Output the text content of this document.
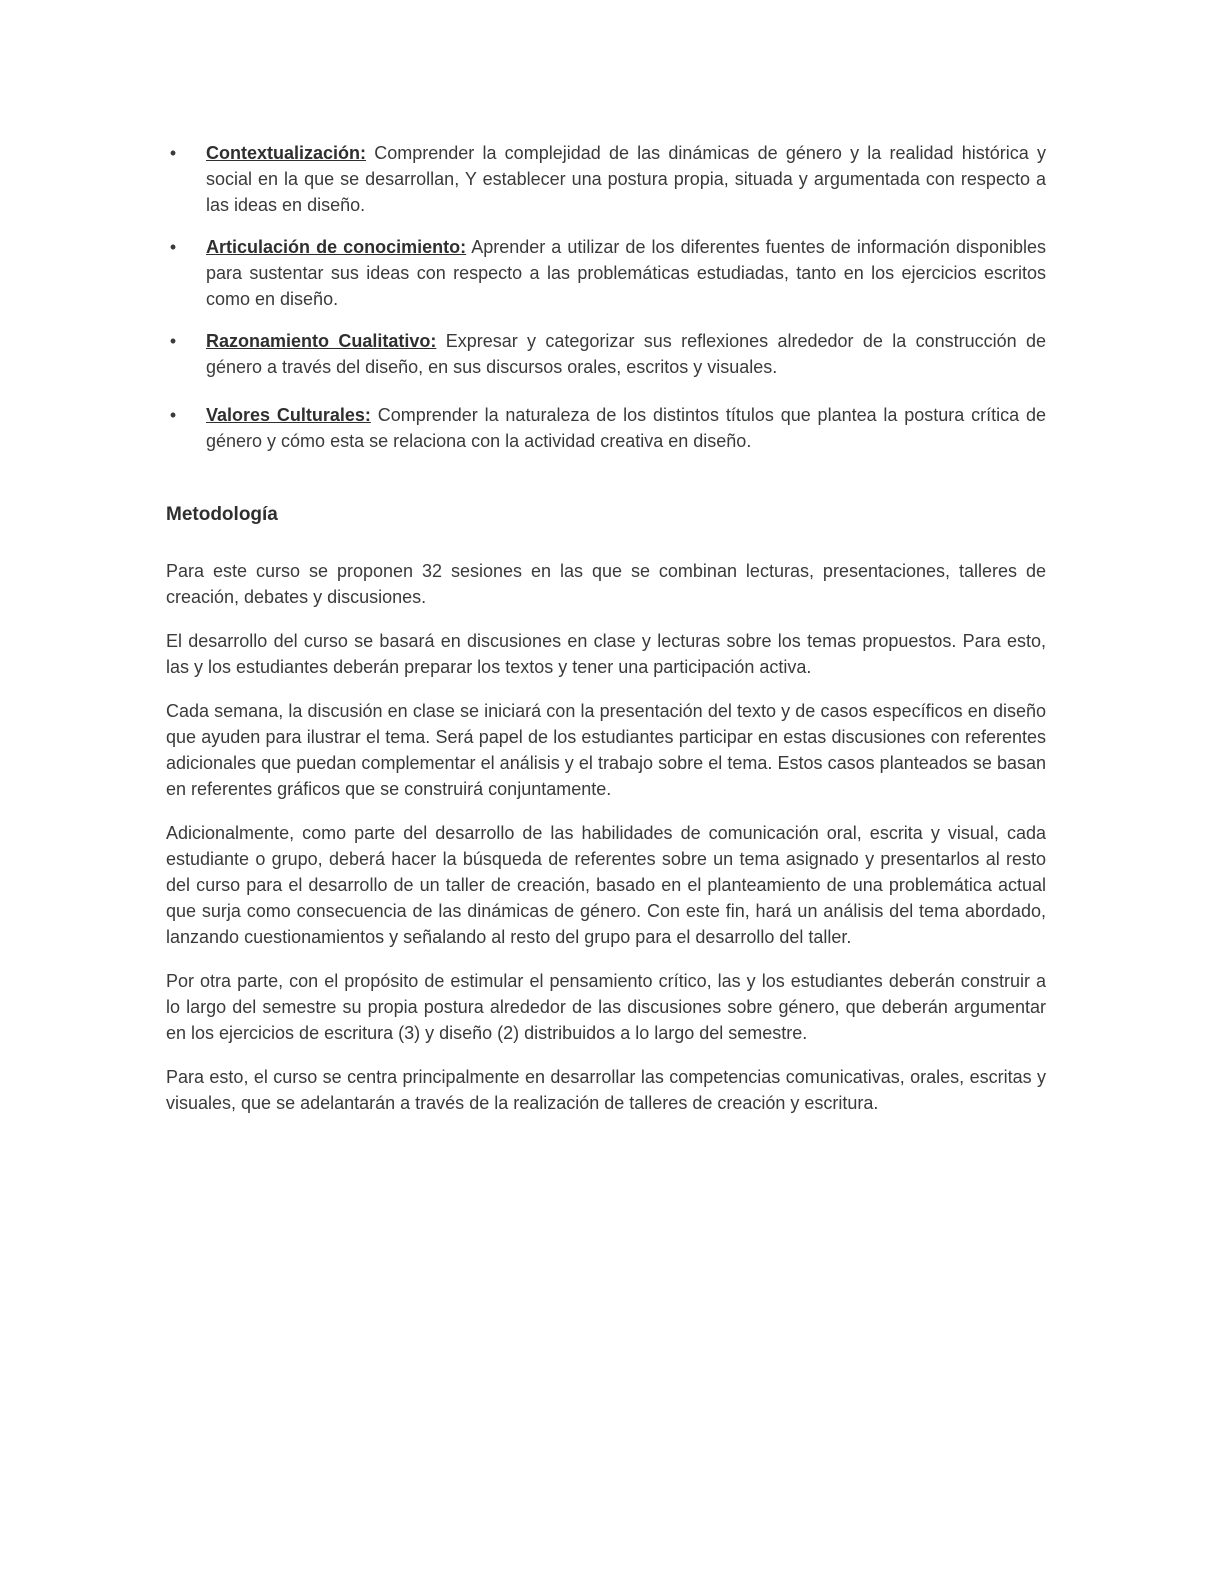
• Contextualización: Comprender la complejidad de las dinámicas de género y la realidad histórica y social en la que se desarrollan, Y establecer una postura propia, situada y argumentada con respecto a las ideas en diseño.
• Articulación de conocimiento: Aprender a utilizar de los diferentes fuentes de información disponibles para sustentar sus ideas con respecto a las problemáticas estudiadas, tanto en los ejercicios escritos como en diseño.
• Razonamiento Cualitativo: Expresar y categorizar sus reflexiones alrededor de la construcción de género a través del diseño, en sus discursos orales, escritos y visuales.
• Valores Culturales: Comprender la naturaleza de los distintos títulos que plantea la postura crítica de género y cómo esta se relaciona con la actividad creativa en diseño.
Metodología

Para este curso se proponen 32 sesiones en las que se combinan lecturas, presentaciones, talleres de creación, debates y discusiones.

El desarrollo del curso se basará en discusiones en clase y lecturas sobre los temas propuestos. Para esto, las y los estudiantes deberán preparar los textos y tener una participación activa.

Cada semana, la discusión en clase se iniciará con la presentación del texto y de casos específicos en diseño que ayuden para ilustrar el tema. Será papel de los estudiantes participar en estas discusiones con referentes adicionales que puedan complementar el análisis y el trabajo sobre el tema. Estos casos planteados se basan en referentes gráficos que se construirá conjuntamente.

Adicionalmente, como parte del desarrollo de las habilidades de comunicación oral, escrita y visual, cada estudiante o grupo, deberá hacer la búsqueda de referentes sobre un tema asignado y presentarlos al resto del curso para el desarrollo de un taller de creación, basado en el planteamiento de una problemática actual que surja como consecuencia de las dinámicas de género. Con este fin, hará un análisis del tema abordado, lanzando cuestionamientos y señalando al resto del grupo para el desarrollo del taller.

Por otra parte, con el propósito de estimular el pensamiento crítico, las y los estudiantes deberán construir a lo largo del semestre su propia postura alrededor de las discusiones sobre género, que deberán argumentar en los ejercicios de escritura (3) y diseño (2) distribuidos a lo largo del semestre.

Para esto, el curso se centra principalmente en desarrollar las competencias comunicativas, orales, escritas y visuales, que se adelantarán a través de la realización de talleres de creación y escritura.
